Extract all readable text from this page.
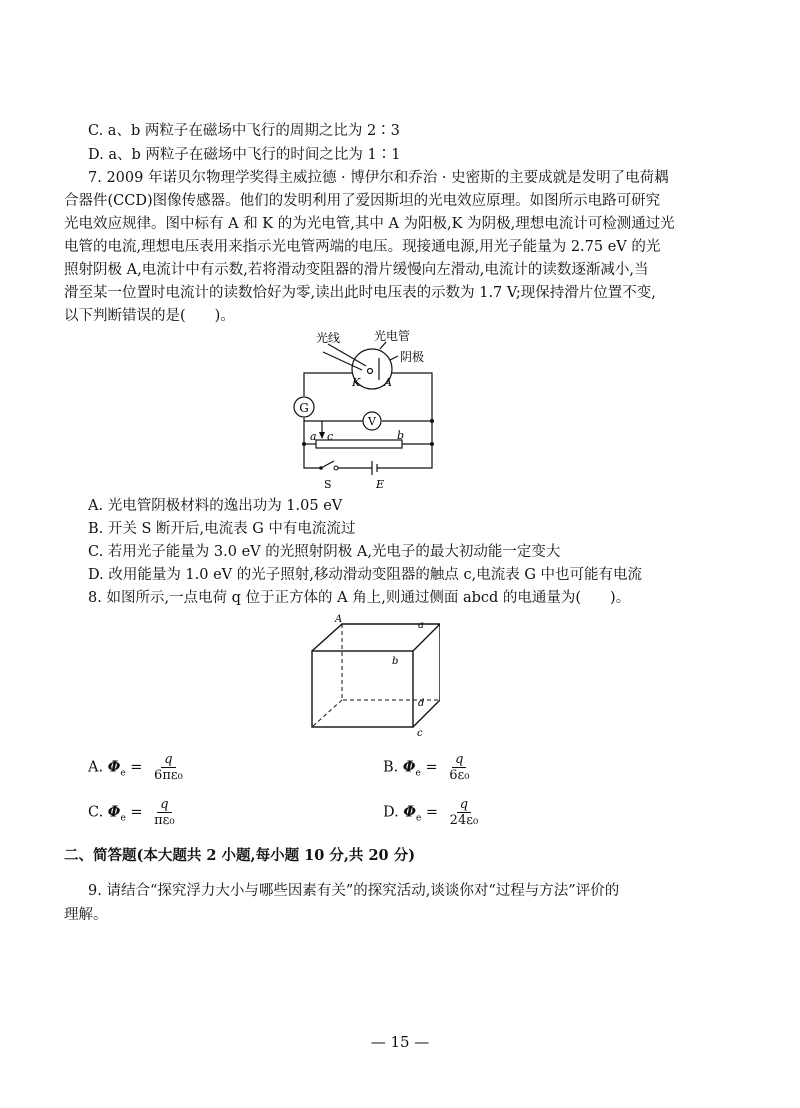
C. a、b 两粒子在磁场中飞行的周期之比为 2∶3
D. a、b 两粒子在磁场中飞行的时间之比为 1∶1
7. 2009 年诺贝尔物理学奖得主威拉德 · 博伊尔和乔治 · 史密斯的主要成就是发明了电荷耦
合器件(CCD)图像传感器。他们的发明利用了爱因斯坦的光电效应原理。如图所示电路可研究
光电效应规律。图中标有 A 和 K 的为光电管,其中 A 为阳极,K 为阴极,理想电流计可检测通过光
电管的电流,理想电压表用来指示光电管两端的电压。现接通电源,用光子能量为 2.75 eV 的光
照射阴极 A,电流计中有示数,若将滑动变阻器的滑片缓慢向左滑动,电流计的读数逐渐减小,当
滑至某一位置时电流计的读数恰好为零,读出此时电压表的示数为 1.7 V;现保持滑片位置不变,
以下判断错误的是(　　)。
G
V
光线	光电管
阴极
K A
a c	b
S	E
A. 光电管阴极材料的逸出功为 1.05 eV
B. 开关 S 断开后,电流表 G 中有电流流过
C. 若用光子能量为 3.0 eV 的光照射阴极 A,光电子的最大初动能一定变大
D. 改用能量为 1.0 eV 的光子照射,移动滑动变阻器的触点 c,电流表 G 中也可能有电流
8. 如图所示,一点电荷 q 位于正方体的 A 角上,则通过侧面 abcd 的电通量为(　　)。
A
a
b
d
c
A. $\Phi_e = \frac{q}{\text{6πε₀}}$	B. $\Phi_e = \frac{q}{\text{6ε₀}}$
C. $\Phi_e = \frac{q}{\text{πε₀}}$	D. $\Phi_e = \frac{q}{\text{24ε₀}}$
二、简答题(本大题共 2 小题,每小题 10 分,共 20 分)
9. 请结合“探究浮力大小与哪些因素有关”的探究活动,谈谈你对“过程与方法”评价的
理解。
— 15 —
